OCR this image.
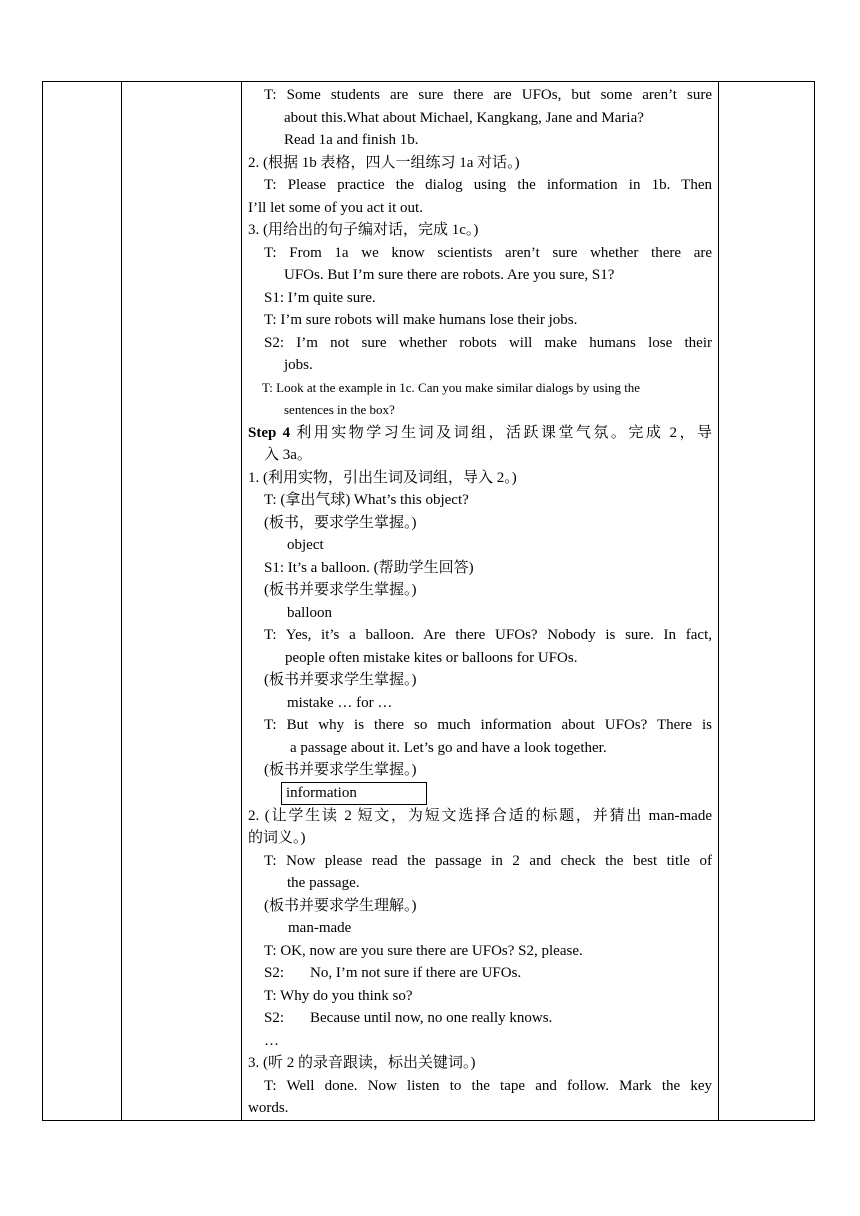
T: Some students are sure there are UFOs, but some aren’t sure
about this.What about Michael, Kangkang, Jane and Maria?
Read 1a and finish 1b.
2. (根据 1b 表格，四人一组练习 1a 对话。)
T: Please practice the dialog using the information in 1b. Then
I’ll let some of you act it out.
3. (用给出的句子编对话，完成 1c。)
T: From 1a we know scientists aren’t sure whether there are
UFOs. But I’m sure there are robots. Are you sure, S1?
S1: I’m quite sure.
T: I’m sure robots will make humans lose their jobs.
S2: I’m not sure whether robots will make humans lose their
jobs.
T: Look at the example in 1c. Can you make similar dialogs by using the
sentences in the box?
Step 4 利用实物学习生词及词组，活跃课堂气氛。完成 2，导
入 3a。
1. (利用实物，引出生词及词组，导入 2。)
T: (拿出气球) What’s this object?
(板书，要求学生掌握。)
object
S1: It’s a balloon. (帮助学生回答)
(板书并要求学生掌握。)
balloon
T: Yes, it’s a balloon. Are there UFOs? Nobody is sure. In fact,
people often mistake kites or balloons for UFOs.
(板书并要求学生掌握。)
mistake … for …
T: But why is there so much information about UFOs? There is
a passage about it. Let’s go and have a look together.
(板书并要求学生掌握。)
information
2. (让学生读 2 短文，为短文选择合适的标题，并猜出 man-made
的词义。)
T: Now please read the passage in 2 and check the best title of
the passage.
(板书并要求学生理解。)
man-made
T: OK, now are you sure there are UFOs? S2, please.
S2:	No, I’m not sure if there are UFOs.
T: Why do you think so?
S2:	Because until now, no one really knows.
…
3. (听 2 的录音跟读，标出关键词。)
T: Well done. Now listen to the tape and follow. Mark the key
words.
